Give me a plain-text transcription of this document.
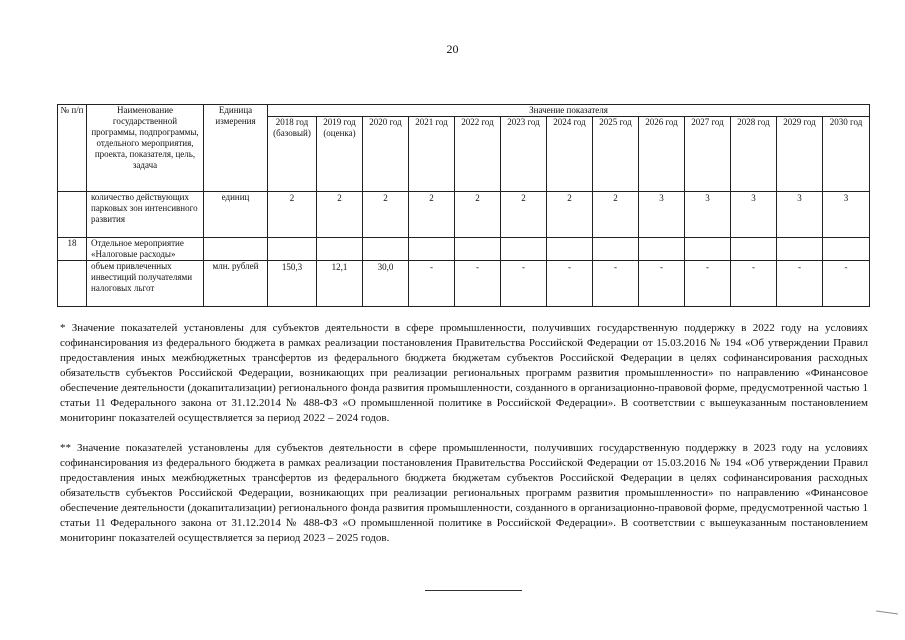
20
№ п/п	Наименование государственной программы, подпрограммы, отдельного мероприятия, проекта, показателя, цель, задача	Единица измерения	Значение показателя												
			2018 год (базовый)	2019 год (оценка)	2020 год	2021 год	2022 год	2023 год	2024 год	2025 год	2026 год	2027 год	2028 год	2029 год	2030 год
	количество действующих парковых зон интенсивного развития	единиц	2	2	2	2	2	2	2	2	3	3	3	3	3
18	Отдельное мероприятие «Налоговые расходы»														
	объем привлеченных инвестиций получателями налоговых льгот	млн. рублей	150,3	12,1	30,0	-	-	-	-	-	-	-	-	-	-

* Значение показателей установлены для субъектов деятельности в сфере промышленности, получивших государственную поддержку в 2022 году на условиях софинансирования из федерального бюджета в рамках реализации постановления Правительства Российской Федерации от 15.03.2016 № 194 «Об утверждении Правил предоставления иных межбюджетных трансфертов из федерального бюджета бюджетам субъектов Российской Федерации в целях софинансирования расходных обязательств субъектов Российской Федерации, возникающих при реализации региональных программ развития промышленности» по направлению «Финансовое обеспечение деятельности (докапитализации) регионального фонда развития промышленности, созданного в организационно-правовой форме, предусмотренной частью 1 статьи 11 Федерального закона от 31.12.2014 № 488-ФЗ «О промышленной политике в Российской Федерации». В соответствии с вышеуказанным постановлением мониторинг показателей осуществляется за период 2022 – 2024 годов.

** Значение показателей установлены для субъектов деятельности в сфере промышленности, получивших государственную поддержку в 2023 году на условиях софинансирования из федерального бюджета в рамках реализации постановления Правительства Российской Федерации от 15.03.2016 № 194 «Об утверждении Правил предоставления иных межбюджетных трансфертов из федерального бюджета бюджетам субъектов Российской Федерации в целях софинансирования расходных обязательств субъектов Российской Федерации, возникающих при реализации региональных программ развития промышленности» по направлению «Финансовое обеспечение деятельности (докапитализации) регионального фонда развития промышленности, созданного в организационно-правовой форме, предусмотренной частью 1 статьи 11 Федерального закона от 31.12.2014 № 488-ФЗ «О промышленной политике в Российской Федерации». В соответствии с вышеуказанным постановлением мониторинг показателей осуществляется за период 2023 – 2025 годов.
